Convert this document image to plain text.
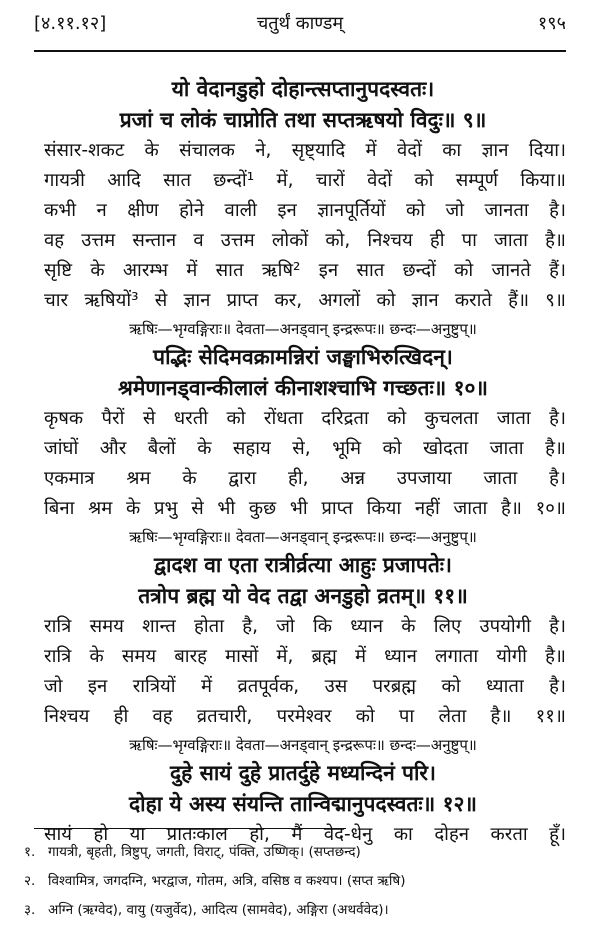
[४.११.१२]	चतुर्थं काण्डम्	१९५
यो वेदानडुहो दोहान्त्सप्तानुपदस्वतः।
प्रजां च लोकं चाप्नोति तथा सप्तऋषयो विदुः॥ ९॥
संसार-शकट के संचालक ने, सृष्ट्यादि में वेदों का ज्ञान दिया।
गायत्री आदि सात छन्दों¹ में, चारों वेदों को सम्पूर्ण किया॥
कभी न क्षीण होने वाली इन ज्ञानपूर्तियों को जो जानता है।
वह उत्तम सन्तान व उत्तम लोकों को, निश्चय ही पा जाता है॥
सृष्टि के आरम्भ में सात ऋषि² इन सात छन्दों को जानते हैं।
चार ऋषियों³ से ज्ञान प्राप्त कर, अगलों को ज्ञान कराते हैं॥ ९॥
ऋषिः—भृग्वङ्गिराः॥ देवता—अनड्वान् इन्द्ररूपः॥ छन्दः—अनुष्टुप्॥
पद्भिः सेदिमवक्रामन्निरां जङ्घाभिरुत्खिदन्।
श्रमेणानड्वान्कीलालं कीनाशश्चाभि गच्छतः॥ १०॥
कृषक पैरों से धरती को रोंधता दरिद्रता को कुचलता जाता है।
जांघों और बैलों के सहाय से, भूमि को खोदता जाता है॥
एकमात्र श्रम के द्वारा ही, अन्न उपजाया जाता है।
बिना श्रम के प्रभु से भी कुछ भी प्राप्त किया नहीं जाता है॥ १०॥
ऋषिः—भृग्वङ्गिराः॥ देवता—अनड्वान् इन्द्ररूपः॥ छन्दः—अनुष्टुप्॥
द्वादश वा एता रात्रीर्व्रत्या आहुः प्रजापतेः।
तत्रोप ब्रह्म यो वेद तद्वा अनडुहो व्रतम्॥ ११॥
रात्रि समय शान्त होता है, जो कि ध्यान के लिए उपयोगी है।
रात्रि के समय बारह मासों में, ब्रह्म में ध्यान लगाता योगी है॥
जो इन रात्रियों में व्रतपूर्वक, उस परब्रह्म को ध्याता है।
निश्चय ही वह व्रतचारी, परमेश्वर को पा लेता है॥ ११॥
ऋषिः—भृग्वङ्गिराः॥ देवता—अनड्वान् इन्द्ररूपः॥ छन्दः—अनुष्टुप्॥
दुहे सायं दुहे प्रातर्दुहे मध्यन्दिनं परि।
दोहा ये अस्य संयन्ति तान्विद्मानुपदस्वतः॥ १२॥
सायं हो या प्रातःकाल हो, मैं वेद-धेनु का दोहन करता हूँ।
१. गायत्री, बृहती, त्रिष्टुप्, जगती, विराट्, पंक्ति, उष्णिक्। (सप्तछन्द)
२. विश्वामित्र, जगदग्नि, भरद्वाज, गोतम, अत्रि, वसिष्ठ व कश्यप। (सप्त ऋषि)
३. अग्नि (ऋग्वेद), वायु (यजुर्वेद), आदित्य (सामवेद), अङ्गिरा (अथर्ववेद)।
